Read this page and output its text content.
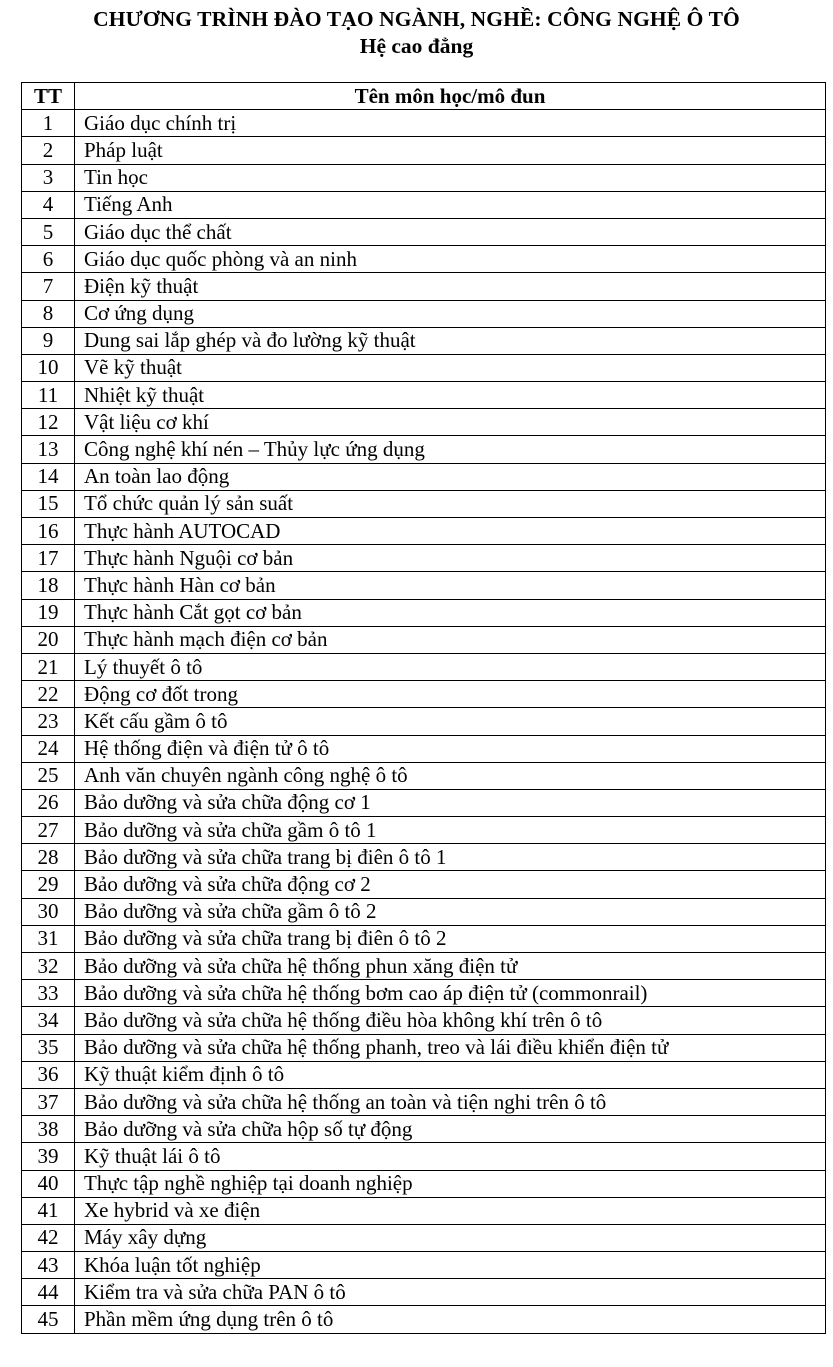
CHƯƠNG TRÌNH ĐÀO TẠO NGÀNH, NGHỀ: CÔNG NGHỆ Ô TÔ
Hệ cao đẳng
TT	Tên môn học/mô đun
1	Giáo dục chính trị
2	Pháp luật
3	Tin học
4	Tiếng Anh
5	Giáo dục thể chất
6	Giáo dục quốc phòng và an ninh
7	Điện kỹ thuật
8	Cơ ứng dụng
9	Dung sai lắp ghép và đo lường kỹ thuật
10	Vẽ kỹ thuật
11	Nhiệt kỹ thuật
12	Vật liệu cơ khí
13	Công nghệ khí nén – Thủy lực ứng dụng
14	An toàn lao động
15	Tổ chức quản lý sản suất
16	Thực hành AUTOCAD
17	Thực hành Nguội cơ bản
18	Thực hành Hàn cơ bản
19	Thực hành Cắt gọt cơ bản
20	Thực hành mạch điện cơ bản
21	Lý thuyết ô tô
22	Động cơ đốt trong
23	Kết cấu gầm ô tô
24	Hệ thống điện và điện tử ô tô
25	Anh văn chuyên ngành công nghệ ô tô
26	Bảo dưỡng và sửa chữa động cơ 1
27	Bảo dưỡng và sửa chữa gầm ô tô 1
28	Bảo dưỡng và sửa chữa trang bị điên ô tô 1
29	Bảo dưỡng và sửa chữa động cơ 2
30	Bảo dưỡng và sửa chữa gầm ô tô 2
31	Bảo dưỡng và sửa chữa trang bị điên ô tô 2
32	Bảo dưỡng và sửa chữa hệ thống phun xăng điện tử
33	Bảo dưỡng và sửa chữa hệ thống bơm cao áp điện tử (commonrail)
34	Bảo dưỡng và sửa chữa hệ thống điều hòa không khí trên ô tô
35	Bảo dưỡng và sửa chữa hệ thống phanh, treo và lái điều khiển điện tử
36	Kỹ thuật kiểm định ô tô
37	Bảo dưỡng và sửa chữa hệ thống an toàn và tiện nghi trên ô tô
38	Bảo dưỡng và sửa chữa hộp số tự động
39	Kỹ thuật lái ô tô
40	Thực tập nghề nghiệp tại doanh nghiệp
41	Xe hybrid và xe điện
42	Máy xây dựng
43	Khóa luận tốt nghiệp
44	Kiểm tra và sửa chữa PAN ô tô
45	Phần mềm ứng dụng trên ô tô
